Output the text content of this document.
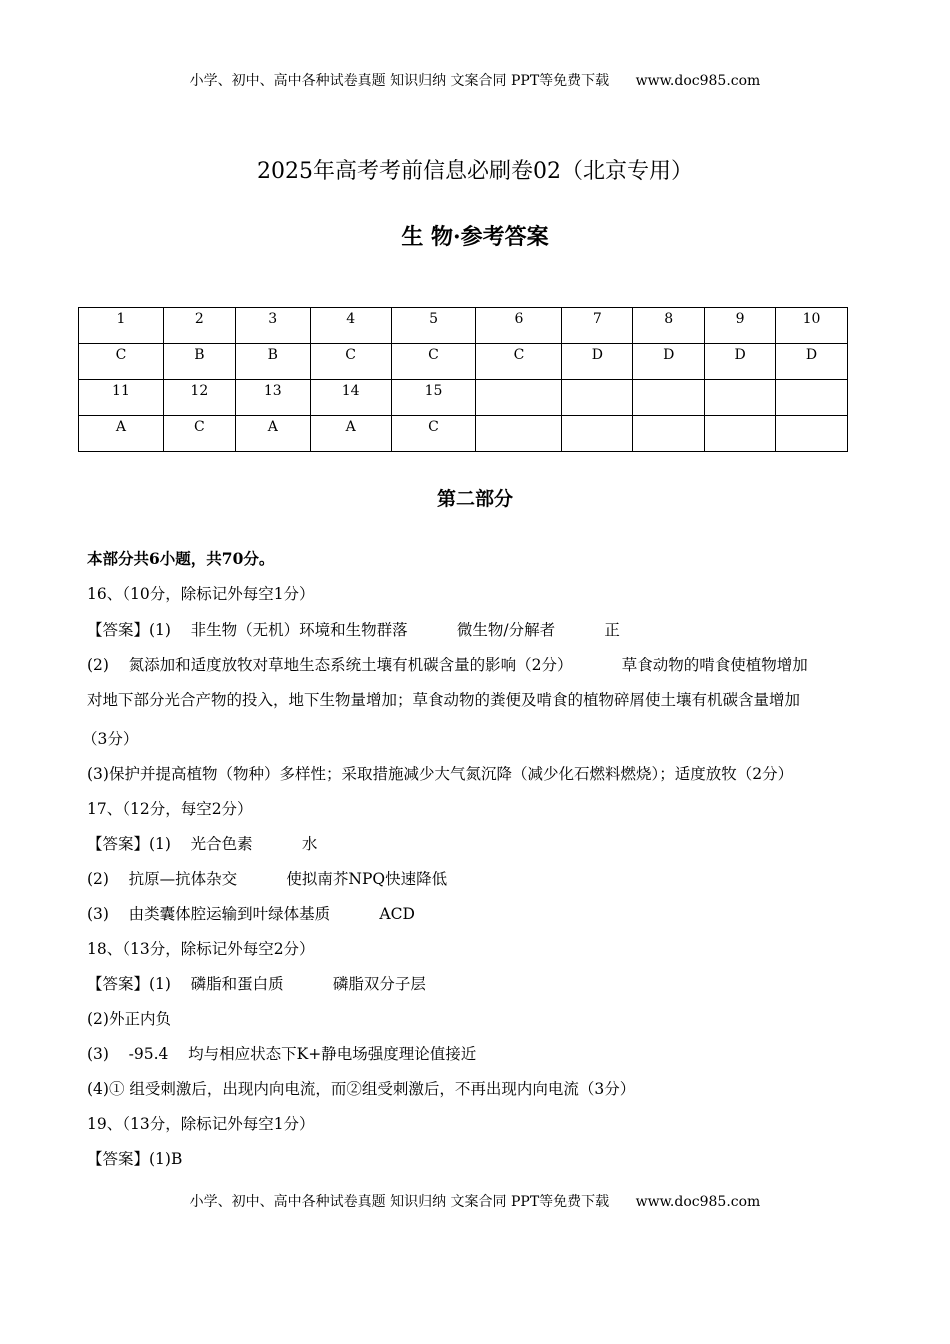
小学、初中、高中各种试卷真题 知识归纳 文案合同 PPT等免费下载 www.doc985.com
2025年高考考前信息必刷卷02（北京专用）
生 物·参考答案
1	2	3	4	5	6	7	8	9	10
C	B	B	C	C	C	D	D	D	D
11	12	13	14	15					
A	C	A	A	C					
第二部分
本部分共6小题，共70分。
16、（10分，除标记外每空1分）
【答案】(1)    非生物（无机）环境和生物群落          微生物/分解者          正
(2)    氮添加和适度放牧对草地生态系统土壤有机碳含量的影响（2分）          草食动物的啃食使植物增加
对地下部分光合产物的投入，地下生物量增加；草食动物的粪便及啃食的植物碎屑使土壤有机碳含量增加
（3分）
(3)保护并提高植物（物种）多样性；采取措施减少大气氮沉降（减少化石燃料燃烧）；适度放牧（2分）
17、（12分，每空2分）
【答案】(1)    光合色素          水
(2)    抗原—抗体杂交          使拟南芥NPQ快速降低
(3)    由类囊体腔运输到叶绿体基质          ACD
18、（13分，除标记外每空2分）
【答案】(1)    磷脂和蛋白质          磷脂双分子层
(2)外正内负
(3)    -95.4    均与相应状态下K+静电场强度理论值接近
(4)① 组受刺激后，出现内向电流，而②组受刺激后，不再出现内向电流（3分）
19、（13分，除标记外每空1分）
【答案】(1)B
小学、初中、高中各种试卷真题 知识归纳 文案合同 PPT等免费下载 www.doc985.com
